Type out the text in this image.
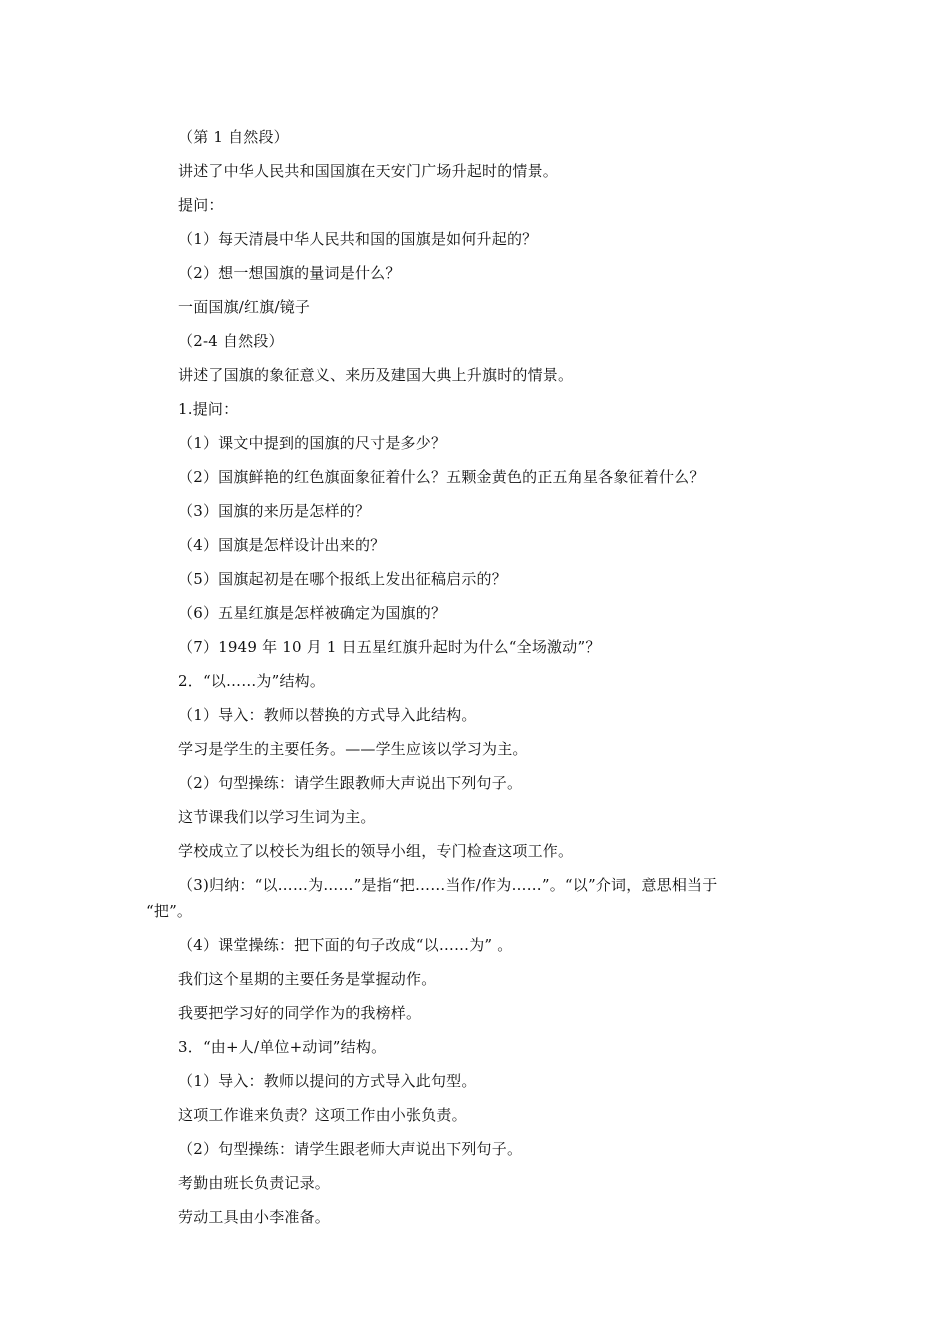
（第 1 自然段）
讲述了中华人民共和国国旗在天安门广场升起时的情景。
提问：
（1）每天清晨中华人民共和国的国旗是如何升起的？
（2）想一想国旗的量词是什么？
一面国旗/红旗/镜子
（2-4 自然段）
讲述了国旗的象征意义、来历及建国大典上升旗时的情景。
1.提问：
（1）课文中提到的国旗的尺寸是多少？
（2）国旗鲜艳的红色旗面象征着什么？五颗金黄色的正五角星各象征着什么？
（3）国旗的来历是怎样的？
（4）国旗是怎样设计出来的？
（5）国旗起初是在哪个报纸上发出征稿启示的？
（6）五星红旗是怎样被确定为国旗的？
（7）1949 年 10 月 1 日五星红旗升起时为什么“全场激动”？
2．“以……为”结构。
（1）导入：教师以替换的方式导入此结构。
学习是学生的主要任务。——学生应该以学习为主。
（2）句型操练：请学生跟教师大声说出下列句子。
这节课我们以学习生词为主。
学校成立了以校长为组长的领导小组，专门检查这项工作。
（3)归纳：“以……为……”是指“把……当作/作为……”。“以”介词，意思相当于
“把”。
（4）课堂操练：把下面的句子改成“以……为” 。
我们这个星期的主要任务是掌握动作。
我要把学习好的同学作为的我榜样。
3．“由+人/单位+动词”结构。
（1）导入：教师以提问的方式导入此句型。
这项工作谁来负责？这项工作由小张负责。
（2）句型操练：请学生跟老师大声说出下列句子。
考勤由班长负责记录。
劳动工具由小李准备。
